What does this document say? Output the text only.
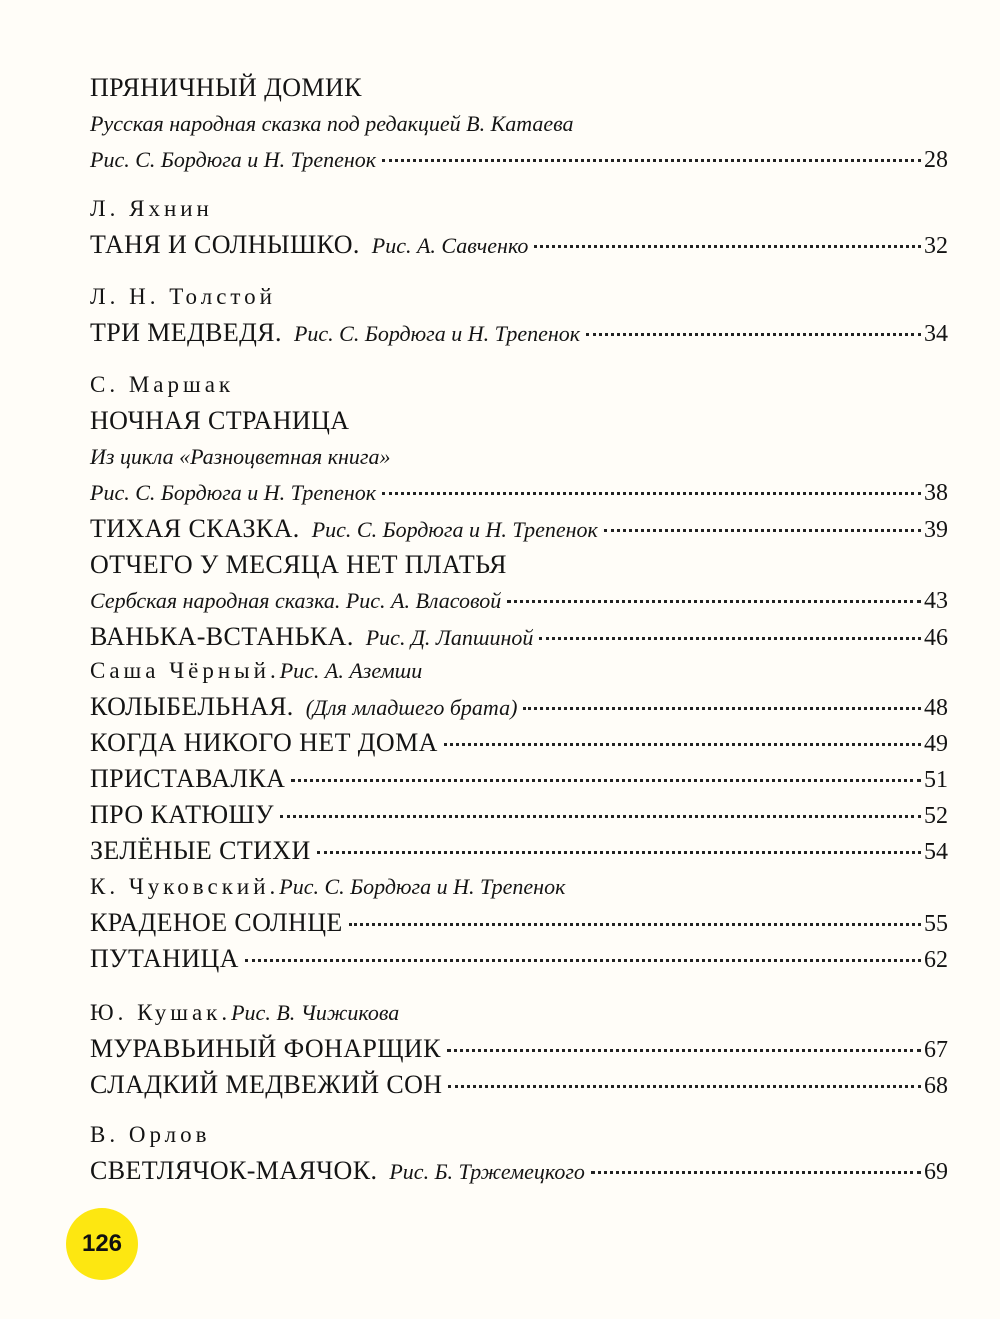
ПРЯНИЧНЫЙ ДОМИК
Русская народная сказка под редакцией В. Катаева
Рис. С. Бордюга и Н. Трепенок	28
Л. Яхнин
ТАНЯ И СОЛНЫШКО. Рис. А. Савченко	32
Л. Н. Толстой
ТРИ МЕДВЕДЯ. Рис. С. Бордюга и Н. Трепенок	34
С. Маршак
НОЧНАЯ СТРАНИЦА
Из цикла «Разноцветная книга»
Рис. С. Бордюга и Н. Трепенок	38
ТИХАЯ СКАЗКА. Рис. С. Бордюга и Н. Трепенок	39
ОТЧЕГО У МЕСЯЦА НЕТ ПЛАТЬЯ
Сербская народная сказка. Рис. А. Власовой	43
ВАНЬКА-ВСТАНЬКА. Рис. Д. Лапшиной	46
Саша Чёрный.Рис. А. Аземши
КОЛЫБЕЛЬНАЯ. (Для младшего брата)	48
КОГДА НИКОГО НЕТ ДОМА	49
ПРИСТАВАЛКА	51
ПРО КАТЮШУ	52
ЗЕЛЁНЫЕ СТИХИ	54
К. Чуковский.Рис. С. Бордюга и Н. Трепенок
КРАДЕНОЕ СОЛНЦЕ	55
ПУТАНИЦА	62
Ю. Кушак.Рис. В. Чижикова
МУРАВЬИНЫЙ ФОНАРЩИК	67
СЛАДКИЙ МЕДВЕЖИЙ СОН	68
В. Орлов
СВЕТЛЯЧОК-МАЯЧОК. Рис. Б. Тржемецкого	69
126
